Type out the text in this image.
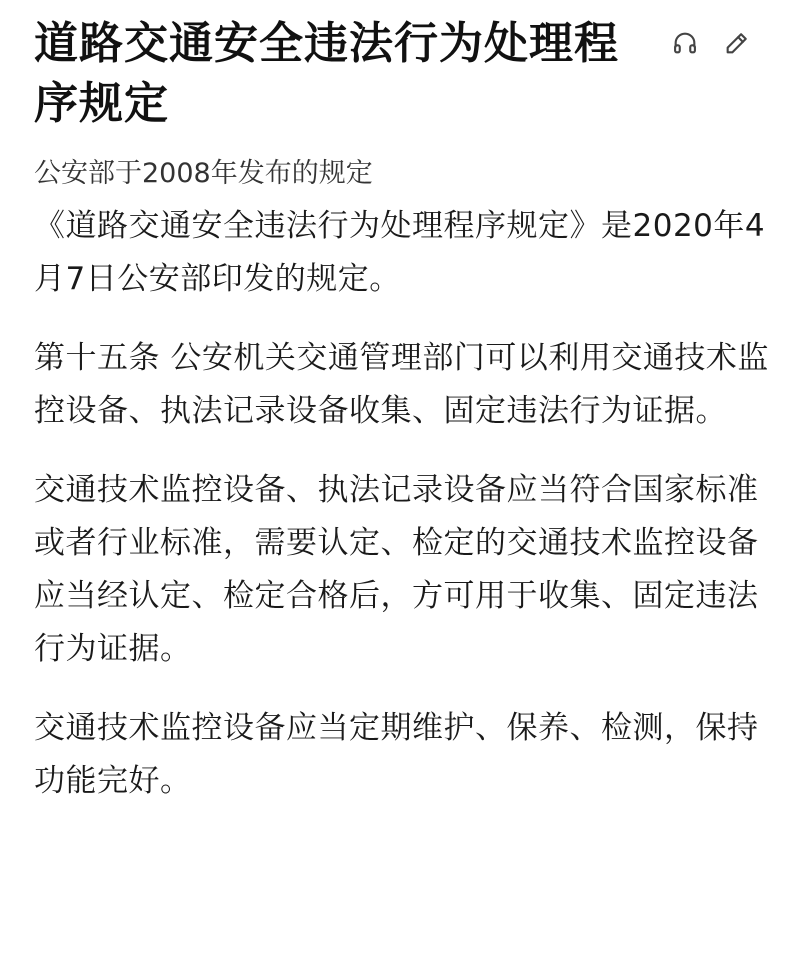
道路交通安全违法行为处理程序规定

公安部于2008年发布的规定

《道路交通安全违法行为处理程序规定》是2020年4月7日公安部印发的规定。

第十五条 公安机关交通管理部门可以利用交通技术监控设备、执法记录设备收集、固定违法行为证据。

交通技术监控设备、执法记录设备应当符合国家标准或者行业标准，需要认定、检定的交通技术监控设备应当经认定、检定合格后，方可用于收集、固定违法行为证据。

交通技术监控设备应当定期维护、保养、检测，保持功能完好。
